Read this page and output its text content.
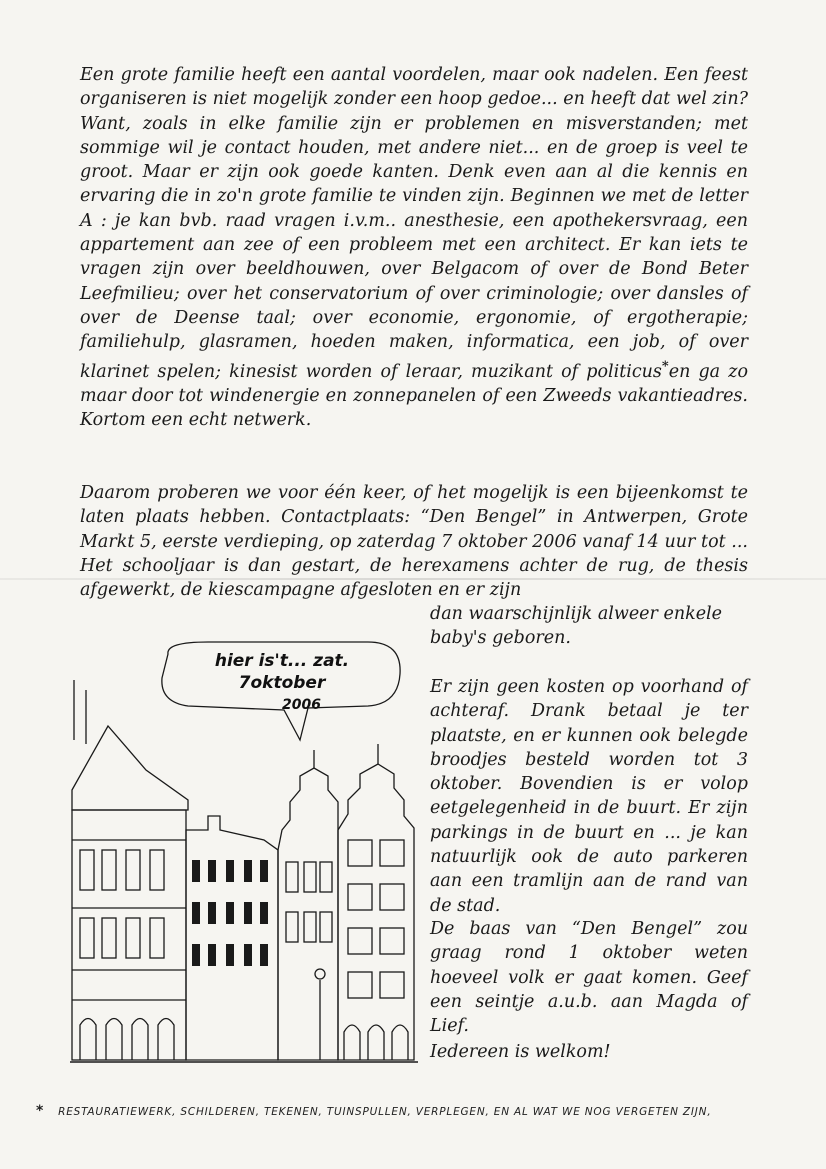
Een grote familie heeft een aantal voordelen, maar ook nadelen. Een feest organiseren is niet mogelijk zonder een hoop gedoe... en heeft dat wel zin? Want, zoals in elke familie zijn er problemen en misverstanden; met sommige wil je contact houden, met andere niet... en de groep is veel te groot. Maar er zijn ook goede kanten. Denk even aan al die kennis en ervaring die in zo'n grote familie te vinden zijn. Beginnen we met de letter A : je kan bvb. raad vragen i.v.m.. anesthesie, een apothekersvraag, een appartement aan zee of een probleem met een architect. Er kan iets te vragen zijn over beeldhouwen, over Belgacom of over de Bond Beter Leefmilieu; over het conservatorium of over criminologie; over dansles of over de Deense taal; over economie, ergonomie, of ergotherapie; familiehulp, glasramen, hoeden maken, informatica, een job, of over klarinet spelen; kinesist worden of leraar, muzikant of politicus*en ga zo maar door tot windenergie en zonnepanelen of een Zweeds vakantieadres. Kortom een echt netwerk.

Daarom proberen we voor één keer, of het mogelijk is een bijeenkomst te laten plaats hebben. Contactplaats: “Den Bengel” in Antwerpen, Grote Markt 5, eerste verdieping, op zaterdag 7 oktober 2006 vanaf 14 uur tot ... Het schooljaar is dan gestart, de herexamens achter de rug, de thesis afgewerkt, de kiescampagne afgesloten en er zijn

dan waarschijnlijk alweer enkele baby's geboren.

hier is't... zat. 7oktober
2006

Er zijn geen kosten op voorhand of achteraf. Drank betaal je ter plaatste, en er kunnen ook belegde broodjes besteld worden tot 3 oktober. Bovendien is er volop eetgelegenheid in de buurt. Er zijn parkings in de buurt en ... je kan natuurlijk ook de auto parkeren aan een tramlijn aan de rand van de stad.

De baas van “Den Bengel” zou graag rond 1 oktober weten hoeveel volk er gaat komen. Geef een seintje a.u.b. aan Magda of Lief.

Iedereen is welkom!

* RESTAURATIEWERK, SCHILDEREN, TEKENEN, TUINSPULLEN, VERPLEGEN, EN AL WAT WE NOG VERGETEN ZIJN,
